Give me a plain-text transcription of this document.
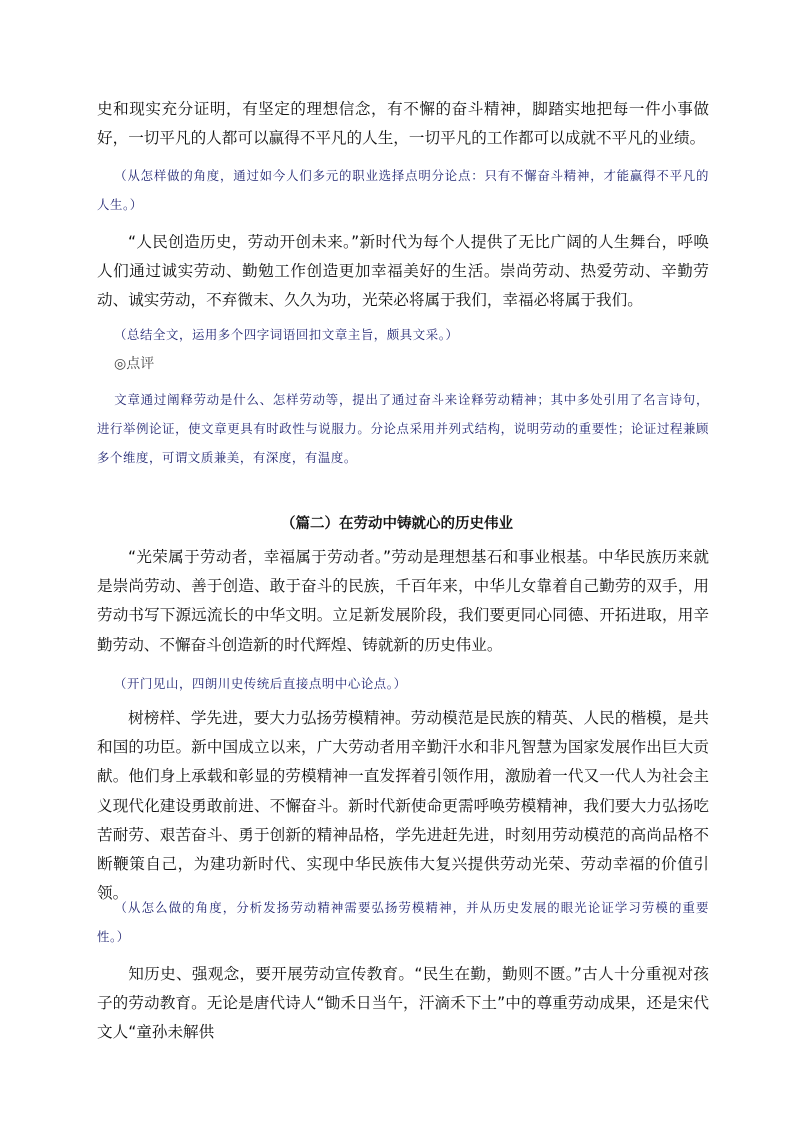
史和现实充分证明，有坚定的理想信念，有不懈的奋斗精神，脚踏实地把每一件小事做好，一切平凡的人都可以赢得不平凡的人生，一切平凡的工作都可以成就不平凡的业绩。

（从怎样做的角度，通过如今人们多元的职业选择点明分论点：只有不懈奋斗精神，才能赢得不平凡的人生。）

“人民创造历史，劳动开创未来。”新时代为每个人提供了无比广阔的人生舞台，呼唤人们通过诚实劳动、勤勉工作创造更加幸福美好的生活。崇尚劳动、热爱劳动、辛勤劳动、诚实劳动，不弃微末、久久为功，光荣必将属于我们，幸福必将属于我们。

（总结全文，运用多个四字词语回扣文章主旨，颇具文采。）

◎点评

文章通过阐释劳动是什么、怎样劳动等，提出了通过奋斗来诠释劳动精神；其中多处引用了名言诗句，进行举例论证，使文章更具有时政性与说服力。分论点采用并列式结构，说明劳动的重要性；论证过程兼顾多个维度，可谓文质兼美，有深度，有温度。

（篇二）在劳动中铸就心的历史伟业

“光荣属于劳动者，幸福属于劳动者。”劳动是理想基石和事业根基。中华民族历来就是崇尚劳动、善于创造、敢于奋斗的民族，千百年来，中华儿女靠着自己勤劳的双手，用劳动书写下源远流长的中华文明。立足新发展阶段，我们要更同心同德、开拓进取，用辛勤劳动、不懈奋斗创造新的时代辉煌、铸就新的历史伟业。

（开门见山，四朗川史传统后直接点明中心论点。）

树榜样、学先进，要大力弘扬劳模精神。劳动模范是民族的精英、人民的楷模，是共和国的功臣。新中国成立以来，广大劳动者用辛勤汗水和非凡智慧为国家发展作出巨大贡献。他们身上承载和彰显的劳模精神一直发挥着引领作用，激励着一代又一代人为社会主义现代化建设勇敢前进、不懈奋斗。新时代新使命更需呼唤劳模精神，我们要大力弘扬吃苦耐劳、艰苦奋斗、勇于创新的精神品格，学先进赶先进，时刻用劳动模范的高尚品格不断鞭策自己，为建功新时代、实现中华民族伟大复兴提供劳动光荣、劳动幸福的价值引领。

（从怎么做的角度，分析发扬劳动精神需要弘扬劳模精神，并从历史发展的眼光论证学习劳模的重要性。）

知历史、强观念，要开展劳动宣传教育。“民生在勤，勤则不匮。”古人十分重视对孩子的劳动教育。无论是唐代诗人“锄禾日当午，汗滴禾下土”中的尊重劳动成果，还是宋代文人“童孙未解供
